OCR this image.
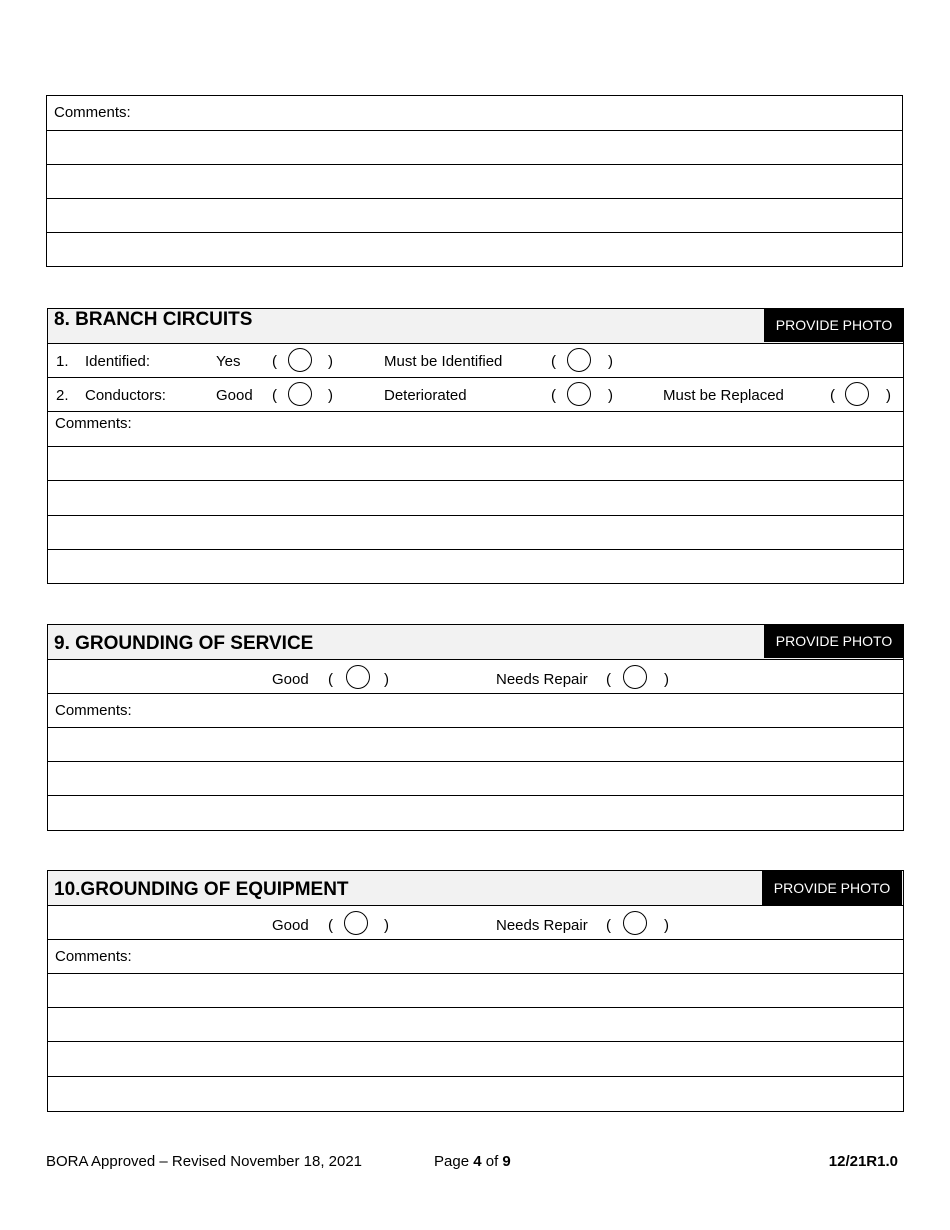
Comments:
8. BRANCH CIRCUITS	PROVIDE PHOTO
1. Identified:	Yes (	)	Must be Identified	(	)
2. Conductors:	Good (	)	Deteriorated	(	)	Must be Replaced	(	)
Comments:
9. GROUNDING OF SERVICE	PROVIDE PHOTO
Good (	)	Needs Repair (	)
Comments:
10.GROUNDING OF EQUIPMENT	PROVIDE PHOTO
Good (	)	Needs Repair (	)
Comments:
BORA Approved – Revised November 18, 2021	Page 4 of 9	12/21R1.0
